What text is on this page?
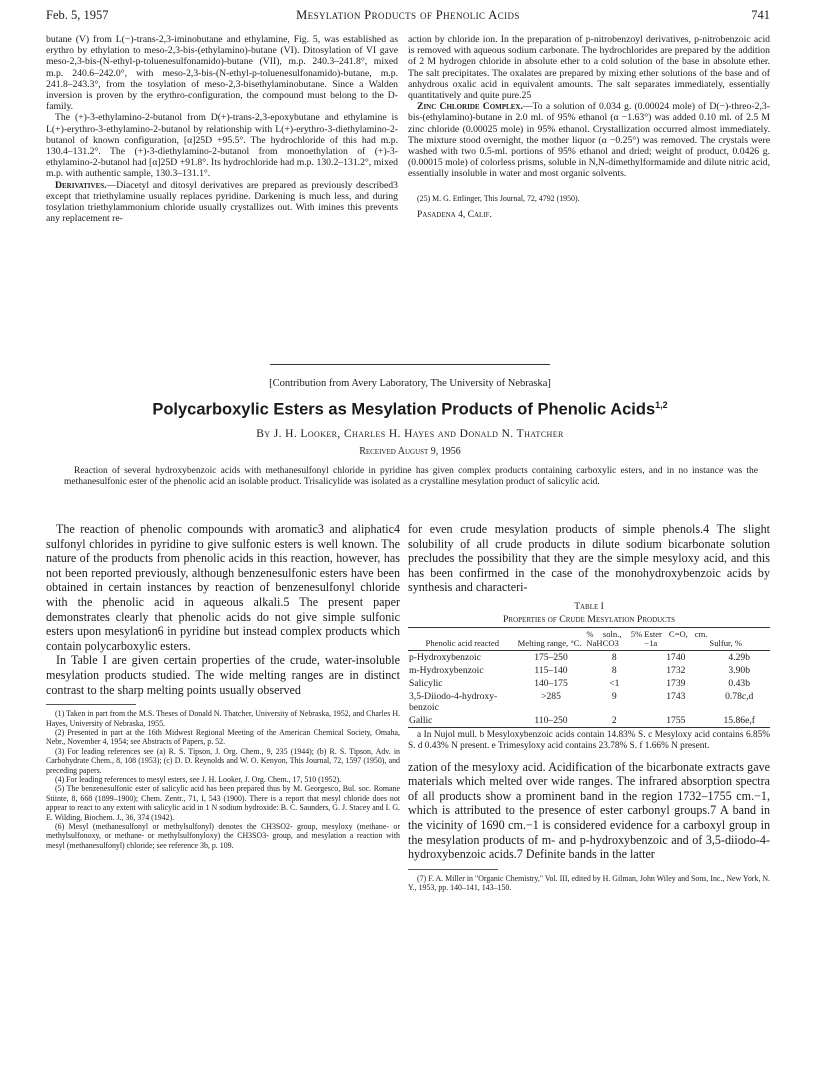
Feb. 5, 1957	Mesylation Products of Phenolic Acids	741

butane (V) from L(−)-trans-2,3-iminobutane and ethylamine, Fig. 5, was established as erythro by ethylation to meso-2,3-bis-(ethylamino)-butane (VI). Ditosylation of VI gave meso-2,3-bis-(N-ethyl-p-toluenesulfonamido)-butane (VII), m.p. 240.3–241.8°, mixed m.p. 240.6–242.0°, with meso-2,3-bis-(N-ethyl-p-toluenesulfonamido)-butane, m.p. 241.8–243.3°, from the tosylation of meso-2,3-bisethylaminobutane. Since a Walden inversion is proven by the erythro-configuration, the compound must belong to the D-family.

The (+)-3-ethylamino-2-butanol from D(+)-trans-2,3-epoxybutane and ethylamine is L(+)-erythro-3-ethylamino-2-butanol by relationship with L(+)-erythro-3-diethylamino-2-butanol of known configuration, [α]25D +95.5°. The hydrochloride of this had m.p. 130.4–131.2°. The (+)-3-diethylamino-2-butanol from monoethylation of (+)-3-ethylamino-2-butanol had [α]25D +91.8°. Its hydrochloride had m.p. 130.2–131.2°, mixed m.p. with authentic sample, 130.3–131.1°.

Derivatives.—Diacetyl and ditosyl derivatives are prepared as previously described3 except that triethylamine usually replaces pyridine. Darkening is much less, and during tosylation triethylammonium chloride usually crystallizes out. With imines this prevents any replacement re-

action by chloride ion. In the preparation of p-nitrobenzoyl derivatives, p-nitrobenzoic acid is removed with aqueous sodium carbonate. The hydrochlorides are prepared by the addition of 2 M hydrogen chloride in absolute ether to a cold solution of the base in absolute ether. The salt precipitates. The oxalates are prepared by mixing ether solutions of the base and of anhydrous oxalic acid in equivalent amounts. The salt separates immediately, essentially quantitatively and quite pure.25

Zinc Chloride Complex.—To a solution of 0.034 g. (0.00024 mole) of D(−)-threo-2,3-bis-(ethylamino)-butane in 2.0 ml. of 95% ethanol (α −1.63°) was added 0.10 ml. of 2.5 M zinc chloride (0.00025 mole) in 95% ethanol. Crystallization occurred almost immediately. The mixture stood overnight, the mother liquor (α −0.25°) was removed. The crystals were washed with two 0.5-ml. portions of 95% ethanol and dried; weight of product, 0.0426 g. (0.00015 mole) of colorless prisms, soluble in N,N-dimethylformamide and dilute nitric acid, essentially insoluble in water and most organic solvents.

(25) M. G. Ettlinger, This Journal, 72, 4792 (1950).
Pasadena 4, Calif.
[Contribution from Avery Laboratory, The University of Nebraska]
Polycarboxylic Esters as Mesylation Products of Phenolic Acids$^{1,2}$
By J. H. Looker, Charles H. Hayes and Donald N. Thatcher
Received August 9, 1956
Reaction of several hydroxybenzoic acids with methanesulfonyl chloride in pyridine has given complex products containing carboxylic esters, and in no instance was the methanesulfonic ester of the phenolic acid an isolable product. Trisalicylide was isolated as a crystalline mesylation product of salicylic acid.

The reaction of phenolic compounds with aromatic3 and aliphatic4 sulfonyl chlorides in pyridine to give sulfonic esters is well known. The nature of the products from phenolic acids in this reaction, however, has not been reported previously, although benzenesulfonic esters have been obtained in certain instances by reaction of benzenesulfonyl chloride with the phenolic acid in aqueous alkali.5 The present paper demonstrates clearly that phenolic acids do not give simple sulfonic esters upon mesylation6 in pyridine but instead complex products which contain polycarboxylic esters.

In Table I are given certain properties of the crude, water-insoluble mesylation products studied. The wide melting ranges are in distinct contrast to the sharp melting points usually observed

(1) Taken in part from the M.S. Theses of Donald N. Thatcher, University of Nebraska, 1952, and Charles H. Hayes, University of Nebraska, 1955.

(2) Presented in part at the 16th Midwest Regional Meeting of the American Chemical Society, Omaha, Nebr., November 4, 1954; see Abstracts of Papers, p. 52.

(3) For leading references see (a) R. S. Tipson, J. Org. Chem., 9, 235 (1944); (b) R. S. Tipson, Adv. in Carbohydrate Chem., 8, 108 (1953); (c) D. D. Reynolds and W. O. Kenyon, This Journal, 72, 1597 (1950), and preceding papers.

(4) For leading references to mesyl esters, see J. H. Looker, J. Org. Chem., 17, 510 (1952).

(5) The benzenesulfonic ester of salicylic acid has been prepared thus by M. Georgesco, Bul. soc. Romane Stiinte, 8, 668 (1899–1900); Chem. Zentr., 71, I, 543 (1900). There is a report that mesyl chloride does not appear to react to any extent with salicylic acid in 1 N sodium hydroxide: B. C. Saunders, G. J. Stacey and I. G. E. Wilding, Biochem. J., 36, 374 (1942).

(6) Mesyl (methanesulfonyl or methylsulfonyl) denotes the CH3SO2- group, mesyloxy (methane- or methylsulfonoxy, or methane- or methylsulfonyloxy) the CH3SO3- group, and mesylation a reaction with mesyl (methanesulfonyl) chloride; see reference 3b, p. 109.

for even crude mesylation products of simple phenols.4 The slight solubility of all crude products in dilute sodium bicarbonate solution precludes the possibility that they are the simple mesyloxy acid, and this has been confirmed in the case of the monohydroxybenzoic acids by synthesis and characteri-

Table I
Properties of Crude Mesylation Products
Phenolic acid reacted	Melting range, °C.	% soln., 5% NaHCO3	Ester C=O, cm.−1a	Sulfur, %
p-Hydroxybenzoic	175–250	8	1740	4.29b
m-Hydroxybenzoic	115–140	8	1732	3.90b
Salicylic	140–175	<1	1739	0.43b
3,5-Diiodo-4-hydroxy-benzoic	>285	9	1743	0.78c,d
Gallic	110–250	2	1755	15.86e,f
a In Nujol mull. b Mesyloxybenzoic acids contain 14.83% S. c Mesyloxy acid contains 6.85% S. d 0.43% N present. e Trimesyloxy acid contains 23.78% S. f 1.66% N present.

zation of the mesyloxy acid. Acidification of the bicarbonate extracts gave materials which melted over wide ranges. The infrared absorption spectra of all products show a prominent band in the region 1732–1755 cm.−1, which is attributed to the presence of ester carbonyl groups.7 A band in the vicinity of 1690 cm.−1 is considered evidence for a carboxyl group in the mesylation products of m- and p-hydroxybenzoic and of 3,5-diiodo-4-hydroxybenzoic acids.7 Definite bands in the latter

(7) F. A. Miller in "Organic Chemistry," Vol. III, edited by H. Gilman, John Wiley and Sons, Inc., New York, N. Y., 1953, pp. 140–141, 143–150.
